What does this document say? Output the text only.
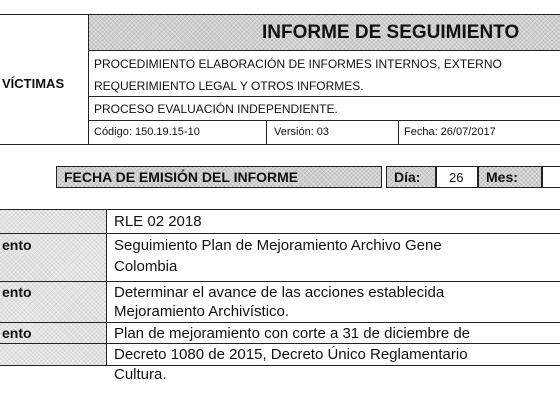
INFORME DE SEGUIMIENTO
VÍCTIMAS
PROCEDIMIENTO ELABORACIÓN DE INFORMES INTERNOS, EXTERNO
REQUERIMIENTO LEGAL Y OTROS INFORMES.
PROCESO EVALUACIÓN INDEPENDIENTE.
Código: 150.19.15-10	Versión: 03	Fecha: 26/07/2017
FECHA DE EMISIÓN DEL INFORME	Día: 26 Mes:
RLE 02 2018
ento	Seguimiento Plan de Mejoramiento Archivo Gene
Colombia
ento	Determinar el avance de las acciones establecida
Mejoramiento Archivístico.
ento	Plan de mejoramiento con corte a 31 de diciembre de
Decreto 1080 de 2015, Decreto Único Reglamentario
Cultura.
